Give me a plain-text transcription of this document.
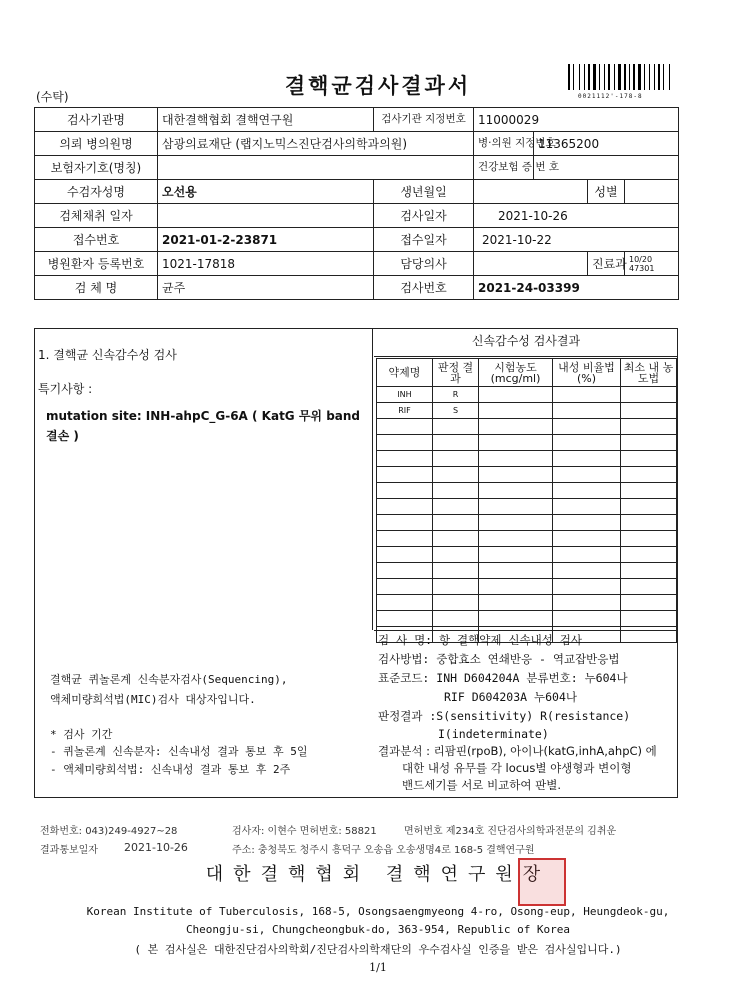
(수탁)	결핵균검사결과서	0021112'-178-8
검사기관명	대한결핵협회 결핵연구원	검사기관 지정번호	11000029			
의뢰 병의원명	삼광의료재단 (랩지노믹스진단검사의학과의원)		병·의원 지정번호	11365200		
보험자기호(명칭)			건강보험 증 번 호			
수검자성명	오선용	생년월일			성별	
검체채취 일자		검사일자	2021-10-26			
접수번호	2021-01-2-23871	접수일자	2021-10-22			
병원환자 등록번호	1021-17818	담당의사			진료과	10/20 47301
검 체 명	균주	검사번호	2021-24-03399			
1. 결핵균 신속감수성 검사
특기사항 :
mutation site: INH-ahpC_G-6A ( KatG 무위 band
결손 )
결핵균 퀴놀론계 신속분자검사(Sequencing),
액체미량희석법(MIC)검사 대상자입니다.
* 검사 기간
- 퀴놀론계 신속분자: 신속내성 결과 통보 후 5일
- 액체미량희석법: 신속내성 결과 통보 후 2주
신속감수성 검사결과
약제명	판정 결과	시험농도 (mcg/ml)	내성 비율법(%)	최소 내 농도법
INH	R			
RIF	S			

검 사 명: 항 결핵약제 신속내성 검사
검사방법: 중합효소 연쇄반응 - 역교잡반응법
표준코드: INH D604204A 분류번호: 누604나
RIF D604203A 누604나
판정결과 :S(sensitivity) R(resistance)
I(indeterminate)
결과분석 : 리팜핀(rpoB), 아이나(katG,inhA,ahpC) 에
대한 내성 유무를 각 locus별 야생형과 변이형
밴드세기를 서로 비교하여 판별.
전화번호: 043)249-4927~28	검사자: 이현수 면허번호: 58821	면허번호 제234호 진단검사의학과전문의 김취운
결과통보일자 2021-10-26	주소: 충청북도 청주시 흥덕구 오송읍 오송생명4로 168-5 결핵연구원
대한결핵협회 결핵연구원장
Korean Institute of Tuberculosis, 168-5, Osongsaengmyeong 4-ro, Osong-eup, Heungdeok-gu,
Cheongju-si, Chungcheongbuk-do, 363-954, Republic of Korea
( 본 검사실은 대한진단검사의학회/진단검사의학재단의 우수검사실 인증을 받은 검사실입니다.)
1/1
